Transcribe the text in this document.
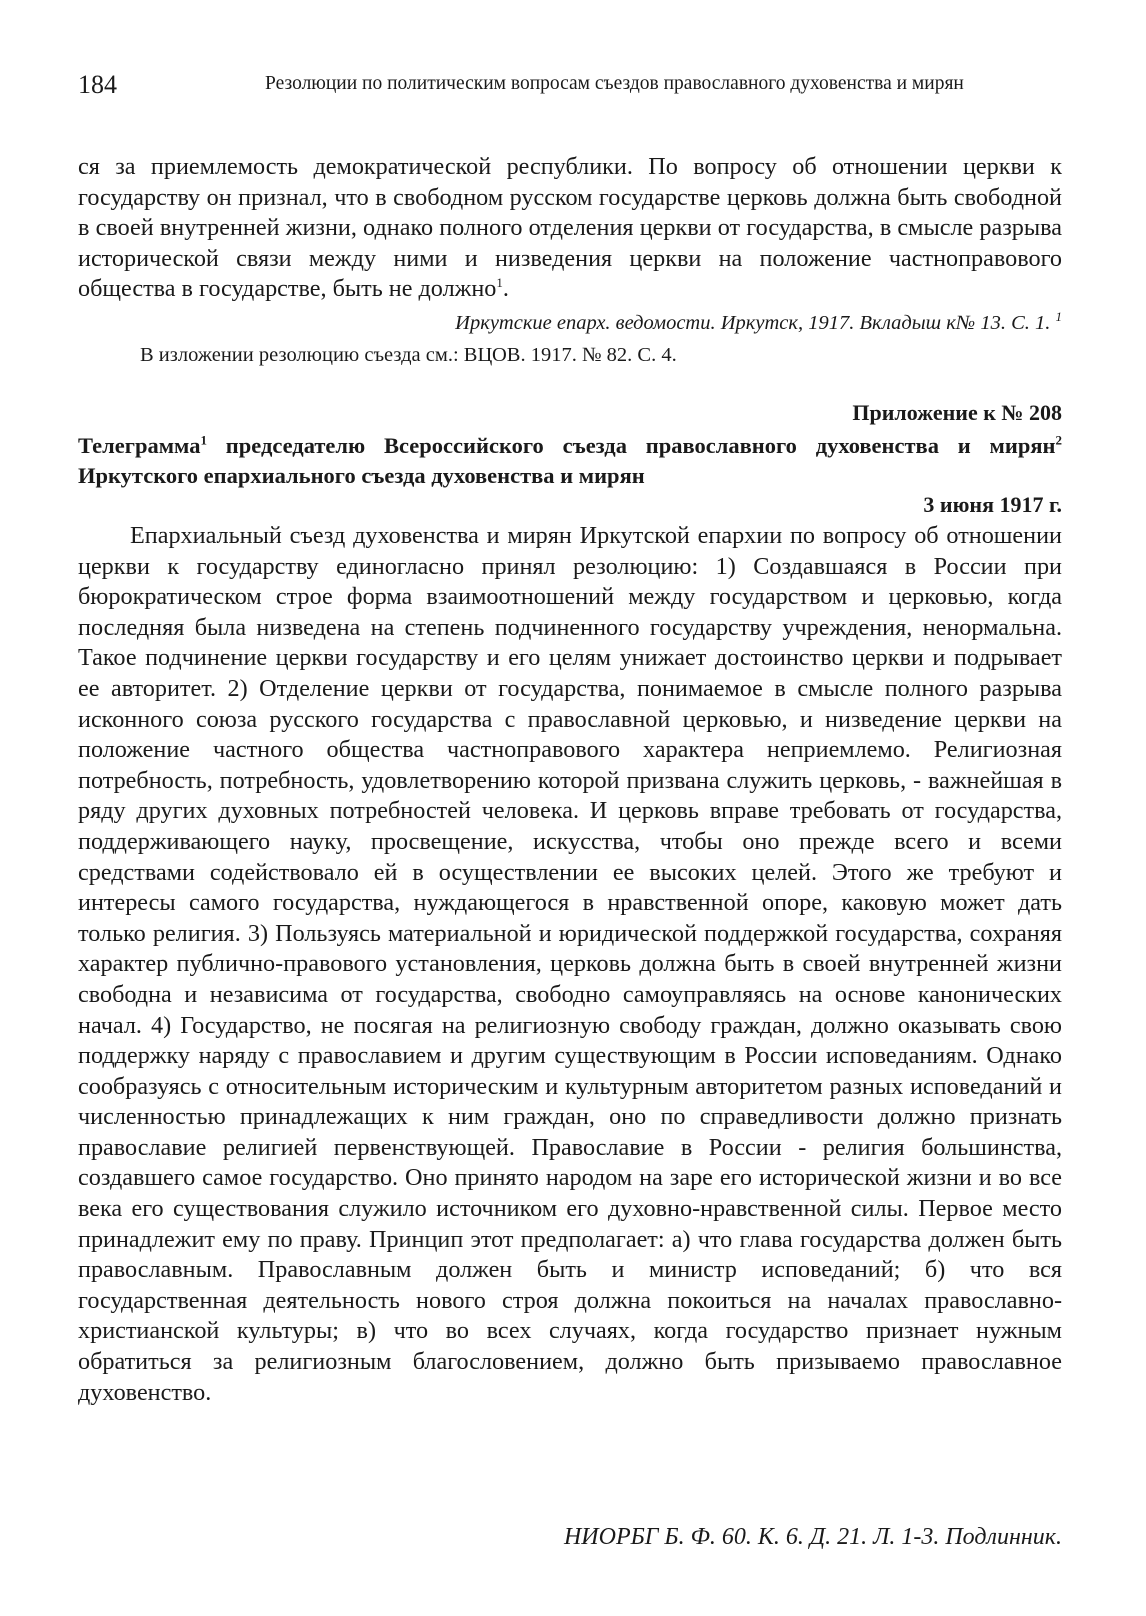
184	Резолюции по политическим вопросам съездов православного духовенства и мирян

ся за приемлемость демократической республики. По вопросу об отношении церкви к государству он признал, что в свободном русском государстве церковь должна быть свободной в своей внутренней жизни, однако полного отделения церкви от государства, в смысле разрыва исторической связи между ними и низведения церкви на положение частноправового общества в государстве, быть не должно$^1$.

Иркутские епарх. ведомости. Иркутск, 1917. Вкладыш к№ 13. С. 1. $^1$
В изложении резолюцию съезда см.: ВЦОВ. 1917. № 82. С. 4.
Приложение к № 208

Телеграмма$^1$ председателю Всероссийского съезда православного духовенства и мирян$^2$ Иркутского епархиального съезда духовенства и мирян

3 июня 1917 г.

Епархиальный съезд духовенства и мирян Иркутской епархии по вопросу об отношении церкви к государству единогласно принял резолюцию: 1) Создавшаяся в России при бюрократическом строе форма взаимоотношений между государством и церковью, когда последняя была низведена на степень подчиненного государству учреждения, ненормальна. Такое подчинение церкви государству и его целям унижает достоинство церкви и подрывает ее авторитет. 2) Отделение церкви от государства, понимаемое в смысле полного разрыва исконного союза русского государства с православной церковью, и низведение церкви на положение частного общества частноправового характера неприемлемо. Религиозная потребность, потребность, удовлетворению которой призвана служить церковь, - важнейшая в ряду других духовных потребностей человека. И церковь вправе требовать от государства, поддерживающего науку, просвещение, искусства, чтобы оно прежде всего и всеми средствами содействовало ей в осуществлении ее высоких целей. Этого же требуют и интересы самого государства, нуждающегося в нравственной опоре, каковую может дать только религия. 3) Пользуясь материальной и юридической поддержкой государства, сохраняя характер публично-правового установления, церковь должна быть в своей внутренней жизни свободна и независима от государства, свободно самоуправляясь на основе канонических начал. 4) Государство, не посягая на религиозную свободу граждан, должно оказывать свою поддержку наряду с православием и другим существующим в России исповеданиям. Однако сообразуясь с относительным историческим и культурным авторитетом разных исповеданий и численностью принадлежащих к ним граждан, оно по справедливости должно признать православие религией первенствующей. Православие в России - религия большинства, создавшего самое государство. Оно принято народом на заре его исторической жизни и во все века его существования служило источником его духовно-нравственной силы. Первое место принадлежит ему по праву. Принцип этот предполагает: а) что глава государства должен быть православным. Православным должен быть и министр исповеданий; б) что вся государственная деятельность нового строя должна покоиться на началах православно-христианской культуры; в) что во всех случаях, когда государство признает нужным обратиться за религиозным благословением, должно быть призываемо православное духовенство.

НИОРБГ Б. Ф. 60. К. 6. Д. 21. Л. 1-3. Подлинник.
